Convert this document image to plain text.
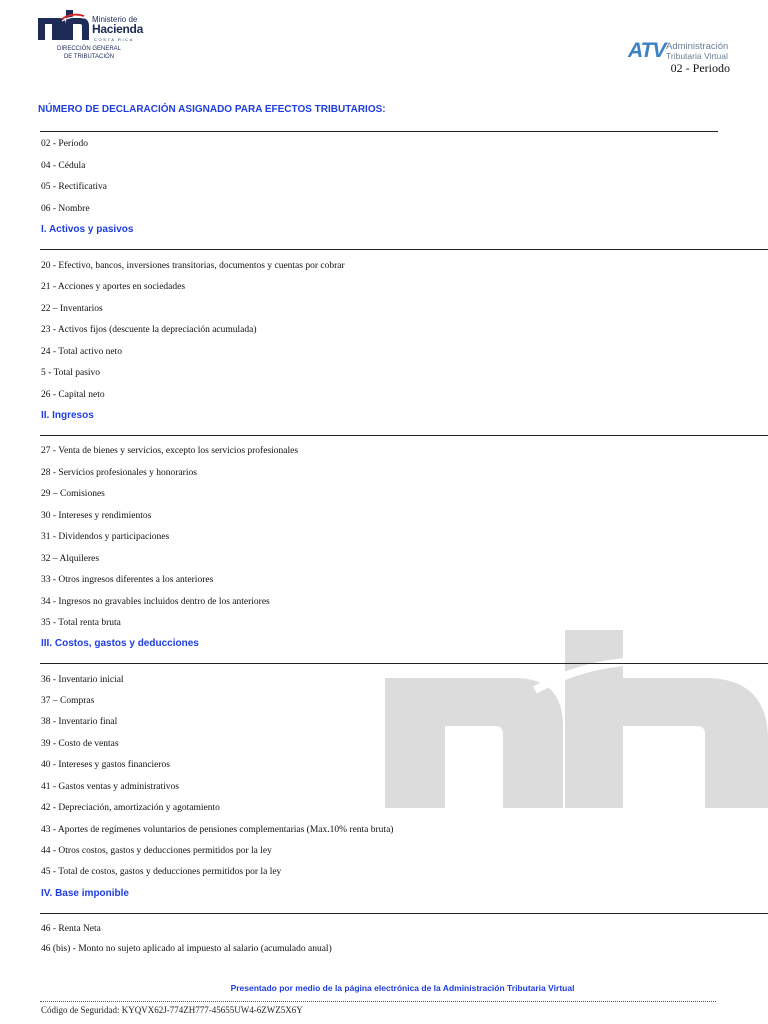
Ministerio de
Hacienda
COSTA RICA
DIRECCIÓN GENERAL
DE TRIBUTACIÓN	ATV Administración
Tributaria Virtual
02 - Periodo
NÚMERO DE DECLARACIÓN ASIGNADO PARA EFECTOS TRIBUTARIOS:
02 - Período
04 - Cédula
05 - Rectificativa
06 - Nombre
I. Activos y pasivos
20 - Efectivo, bancos, inversiones transitorias, documentos y cuentas por cobrar
21 - Acciones y aportes en sociedades
22 – Inventarios
23 - Activos fijos (descuente la depreciación acumulada)
24 - Total activo neto
5 - Total pasivo
26 - Capital neto
II. Ingresos
27 - Venta de bienes y servicios, excepto los servicios profesionales
28 - Servicios profesionales y honorarios
29 – Comisiones
30 - Intereses y rendimientos
31 - Dividendos y participaciones
32 – Alquileres
33 - Otros ingresos diferentes a los anteriores
34 - Ingresos no gravables incluidos dentro de los anteriores
35 - Total renta bruta
III. Costos, gastos y deducciones
36 - Inventario inicial
37 – Compras
38 - Inventario final
39 - Costo de ventas
40 - Intereses y gastos financieros
41 - Gastos ventas y administrativos
42 - Depreciación, amortización y agotamiento
43 - Aportes de regímenes voluntarios de pensiones complementarias (Max.10% renta bruta)
44 - Otros costos, gastos y deducciones permitidos por la ley
45 - Total de costos, gastos y deducciones permitidos por la ley
IV. Base imponible
46 - Renta Neta
46 (bis) - Monto no sujeto aplicado al impuesto al salario (acumulado anual)
Presentado por medio de la página electrónica de la Administración Tributaria Virtual
Código de Seguridad: KYQVX62J-774ZH777-45655UW4-6ZWZ5X6Y
